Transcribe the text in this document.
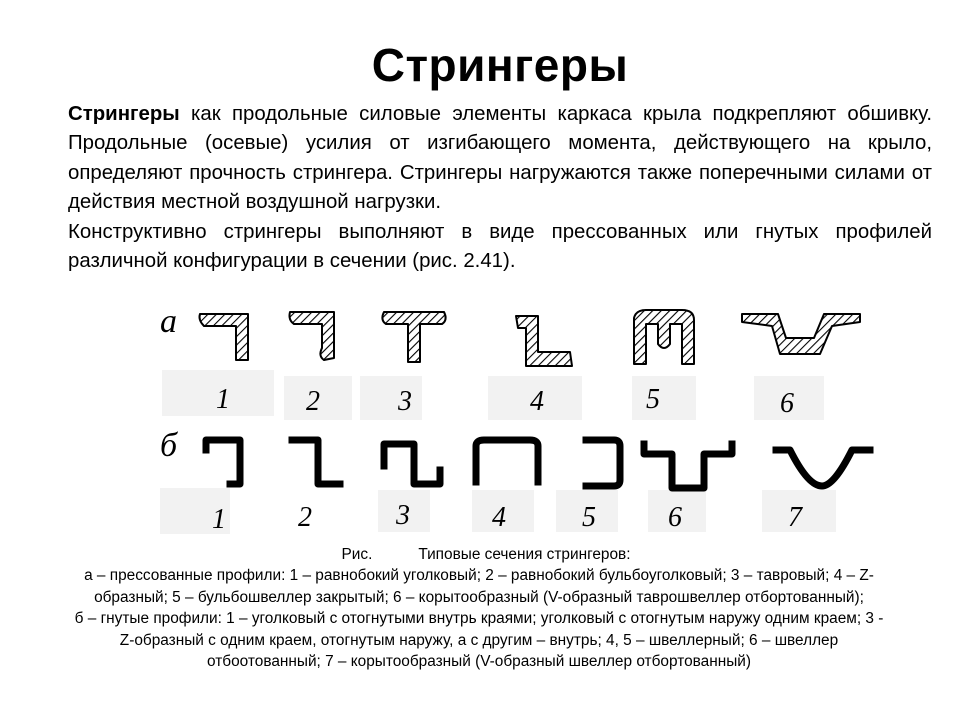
Стрингеры

Стрингеры как продольные силовые элементы каркаса крыла подкрепляют обшивку. Продольные (осевые) усилия от изгибающего момента, действующего на крыло, определяют прочность стрингера. Стрингеры нагружаются также поперечными силами от действия местной воздушной нагрузки.

Конструктивно стрингеры выполняют в виде прессованных или гнутых профилей различной конфигурации в сечении (рис. 2.41).

а
б
1	2	3	4	5	6
1	2	3	4	5	6	7

Рис.	Типовые сечения стрингеров:

а – прессованные профили: 1 – равнобокий уголковый; 2 – равнобокий бульбоуголковый; 3 – тавровый; 4 – Z-образный; 5 – бульбошвеллер закрытый; 6 – корытообразный (V-образный таврошвеллер отбортованный);

б – гнутые профили: 1 – уголковый с отогнутыми внутрь краями; уголковый с отогнутым наружу одним краем; 3 - Z-образный с одним краем, отогнутым наружу, а с другим – внутрь; 4, 5 – швеллерный; 6 – швеллер отбоотованный; 7 – корытообразный (V-образный швеллер отбортованный)
